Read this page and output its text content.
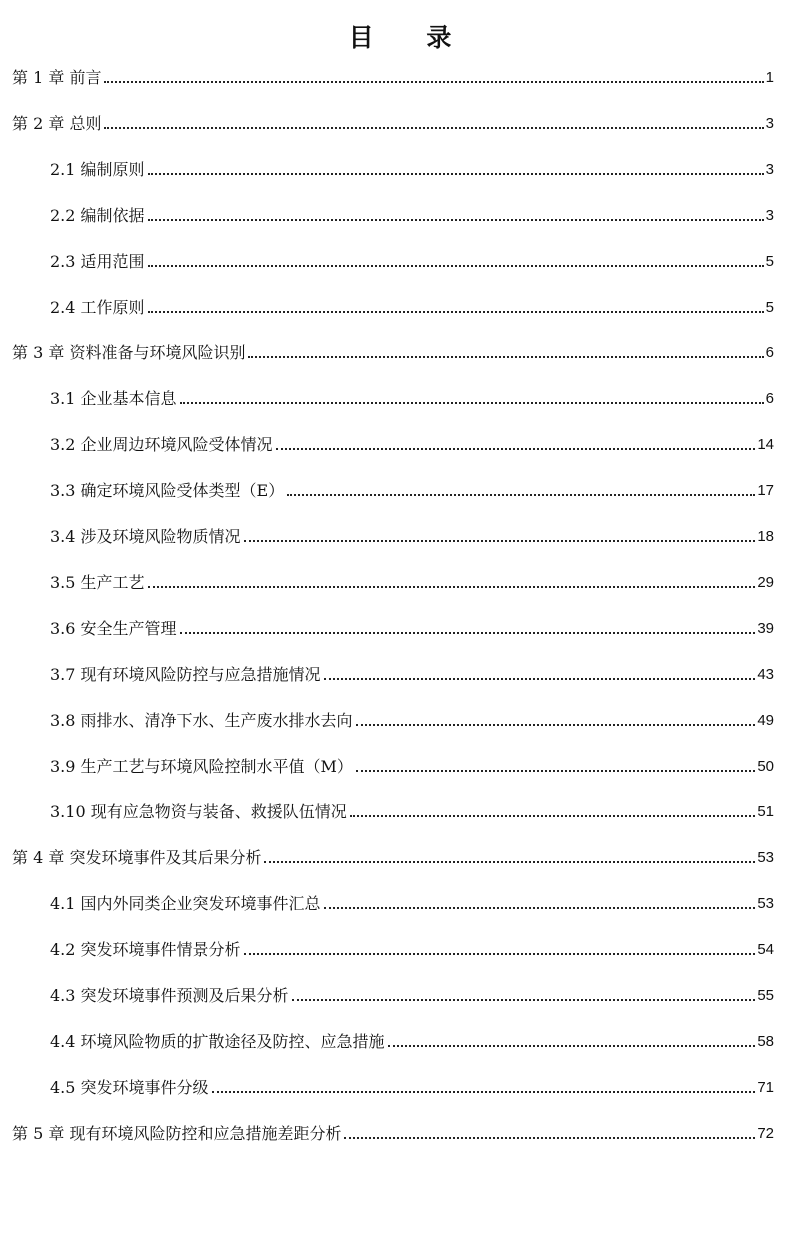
目 录
第 1 章 前言	1
第 2 章 总则	3
2.1 编制原则	3
2.2 编制依据	3
2.3 适用范围	5
2.4 工作原则	5
第 3 章 资料准备与环境风险识别	6
3.1 企业基本信息	6
3.2 企业周边环境风险受体情况	14
3.3 确定环境风险受体类型（E）	17
3.4 涉及环境风险物质情况	18
3.5 生产工艺	29
3.6 安全生产管理	39
3.7 现有环境风险防控与应急措施情况	43
3.8 雨排水、清净下水、生产废水排水去向	49
3.9 生产工艺与环境风险控制水平值（M）	50
3.10 现有应急物资与装备、救援队伍情况	51
第 4 章 突发环境事件及其后果分析	53
4.1 国内外同类企业突发环境事件汇总	53
4.2 突发环境事件情景分析	54
4.3 突发环境事件预测及后果分析	55
4.4 环境风险物质的扩散途径及防控、应急措施	58
4.5 突发环境事件分级	71
第 5 章 现有环境风险防控和应急措施差距分析	72
